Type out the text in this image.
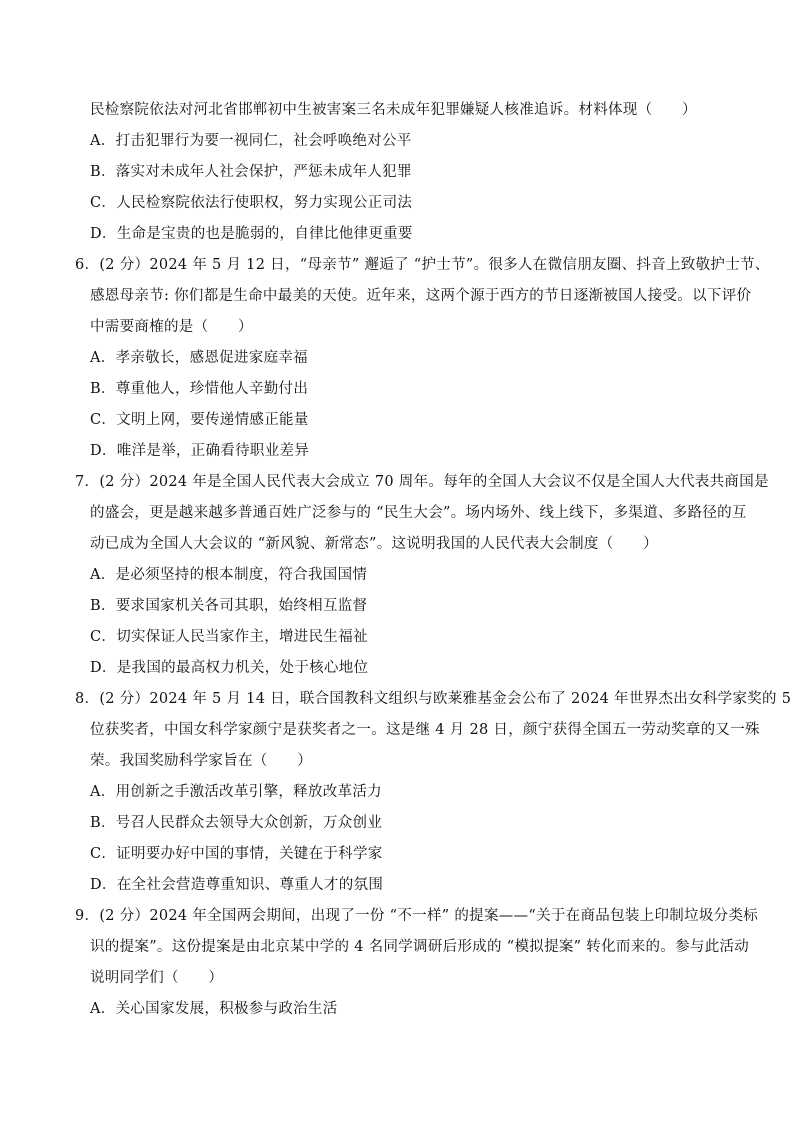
民检察院依法对河北省邯郸初中生被害案三名未成年犯罪嫌疑人核准追诉。材料体现（　　）
A．打击犯罪行为要一视同仁，社会呼唤绝对公平
B．落实对未成年人社会保护，严惩未成年人犯罪
C．人民检察院依法行使职权，努力实现公正司法
D．生命是宝贵的也是脆弱的，自律比他律更重要
6．(2 分）2024 年 5 月 12 日，“母亲节” 邂逅了 “护士节”。很多人在微信朋友圈、抖音上致敬护士节、
感恩母亲节: 你们都是生命中最美的天使。近年来，这两个源于西方的节日逐渐被国人接受。以下评价
中需要商榷的是（　　）
A．孝亲敬长，感恩促进家庭幸福
B．尊重他人，珍惜他人辛勤付出
C．文明上网，要传递情感正能量
D．唯洋是举，正确看待职业差异
7．(2 分）2024 年是全国人民代表大会成立 70 周年。每年的全国人大会议不仅是全国人大代表共商国是
的盛会，更是越来越多普通百姓广泛参与的 “民生大会”。场内场外、线上线下，多渠道、多路径的互
动已成为全国人大会议的 “新风貌、新常态”。这说明我国的人民代表大会制度（　　）
A．是必须坚持的根本制度，符合我国国情
B．要求国家机关各司其职，始终相互监督
C．切实保证人民当家作主，增进民生福祉
D．是我国的最高权力机关，处于核心地位
8．(2 分）2024 年 5 月 14 日，联合国教科文组织与欧莱雅基金会公布了 2024 年世界杰出女科学家奖的 5
位获奖者，中国女科学家颜宁是获奖者之一。这是继 4 月 28 日，颜宁获得全国五一劳动奖章的又一殊
荣。我国奖励科学家旨在（　　）
A．用创新之手激活改革引擎，释放改革活力
B．号召人民群众去领导大众创新，万众创业
C．证明要办好中国的事情，关键在于科学家
D．在全社会营造尊重知识、尊重人才的氛围
9．(2 分）2024 年全国两会期间，出现了一份 “不一样” 的提案——“关于在商品包装上印制垃圾分类标
识的提案”。这份提案是由北京某中学的 4 名同学调研后形成的 “模拟提案” 转化而来的。参与此活动
说明同学们（　　）
A．关心国家发展，积极参与政治生活
